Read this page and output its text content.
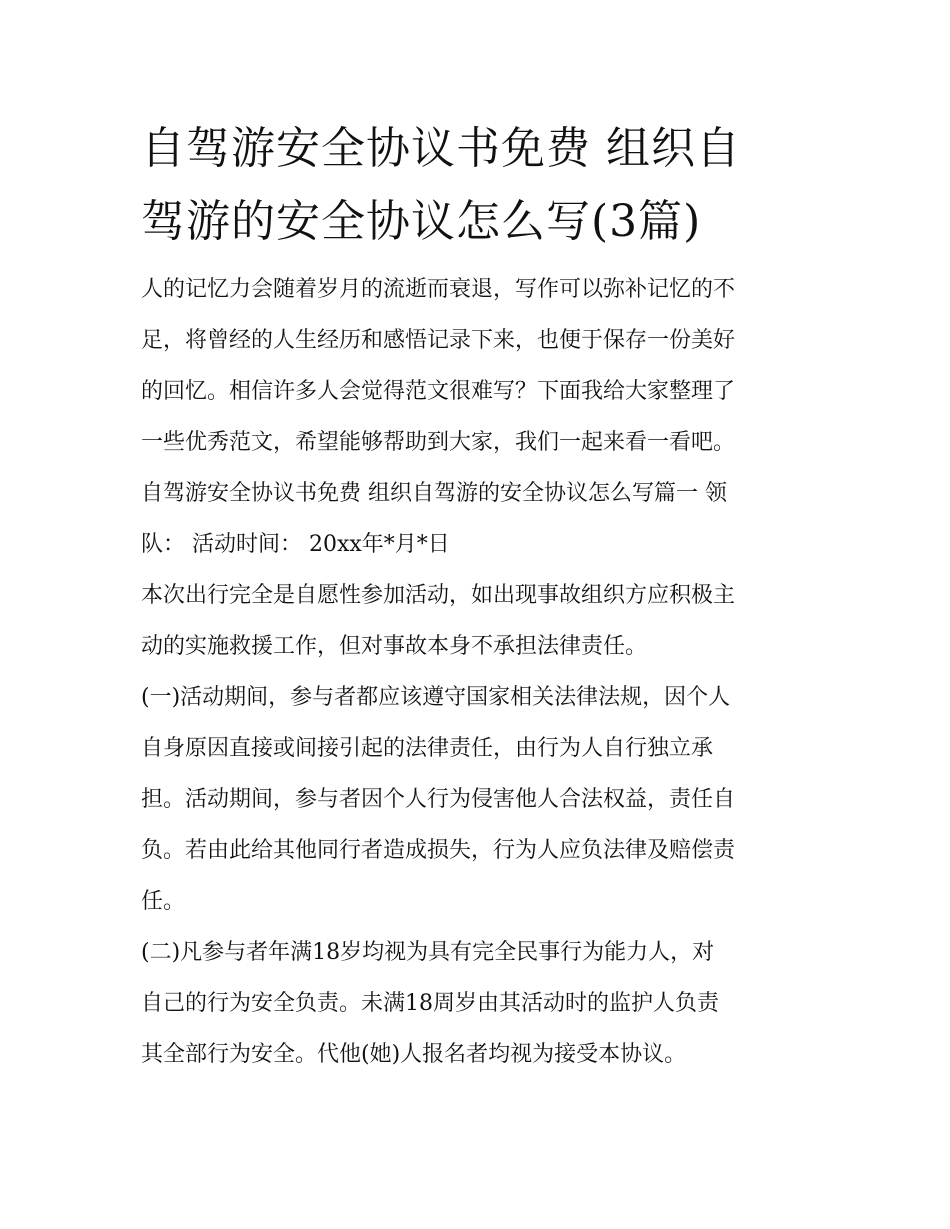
自驾游安全协议书免费 组织自
驾游的安全协议怎么写(3篇)

人的记忆力会随着岁月的流逝而衰退，写作可以弥补记忆的不
足，将曾经的人生经历和感悟记录下来，也便于保存一份美好
的回忆。相信许多人会觉得范文很难写？下面我给大家整理了
一些优秀范文，希望能够帮助到大家，我们一起来看一看吧。

自驾游安全协议书免费 组织自驾游的安全协议怎么写篇一 领
队： 活动时间： 20xx年*月*日

本次出行完全是自愿性参加活动，如出现事故组织方应积极主
动的实施救援工作，但对事故本身不承担法律责任。

(一)活动期间，参与者都应该遵守国家相关法律法规，因个人
自身原因直接或间接引起的法律责任，由行为人自行独立承
担。活动期间，参与者因个人行为侵害他人合法权益，责任自
负。若由此给其他同行者造成损失，行为人应负法律及赔偿责
任。

(二)凡参与者年满18岁均视为具有完全民事行为能力人，对
自己的行为安全负责。未满18周岁由其活动时的监护人负责
其全部行为安全。代他(她)人报名者均视为接受本协议。
